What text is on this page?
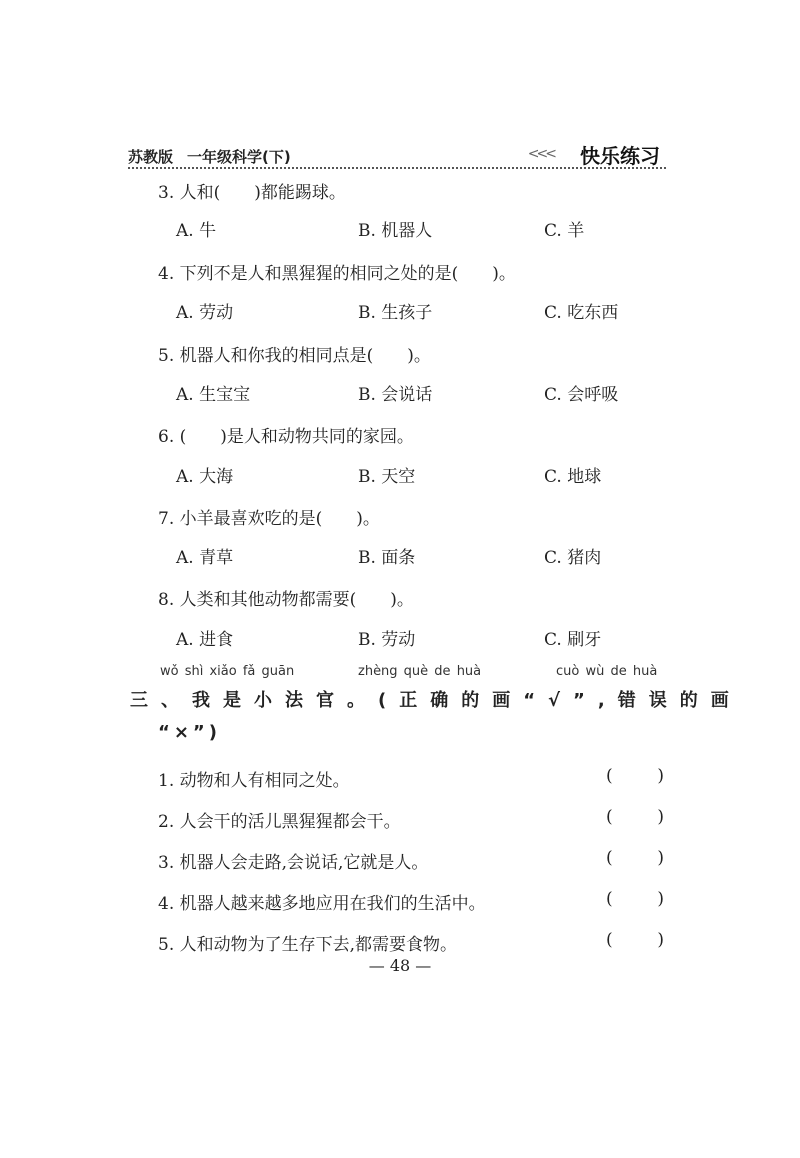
苏教版 一年级科学(下)	<<< 快乐练习
3. 人和(　　)都能踢球。
A. 牛	B. 机器人	C. 羊
4. 下列不是人和黑猩猩的相同之处的是(　　)。
A. 劳动	B. 生孩子	C. 吃东西
5. 机器人和你我的相同点是(　　)。
A. 生宝宝	B. 会说话	C. 会呼吸
6. (　　)是人和动物共同的家园。
A. 大海	B. 天空	C. 地球
7. 小羊最喜欢吃的是(　　)。
A. 青草	B. 面条	C. 猪肉
8. 人类和其他动物都需要(　　)。
A. 进食	B. 劳动	C. 刷牙
wǒ shì xiǎo fǎ guān	zhèng què de huà	cuò wù de huà
三、我是小法官。(正确的画“√”,错误的画
“×”)
1. 动物和人有相同之处。	(	)
2. 人会干的活儿黑猩猩都会干。	(	)
3. 机器人会走路,会说话,它就是人。	(	)
4. 机器人越来越多地应用在我们的生活中。	(	)
5. 人和动物为了生存下去,都需要食物。	(	)
— 48 —
